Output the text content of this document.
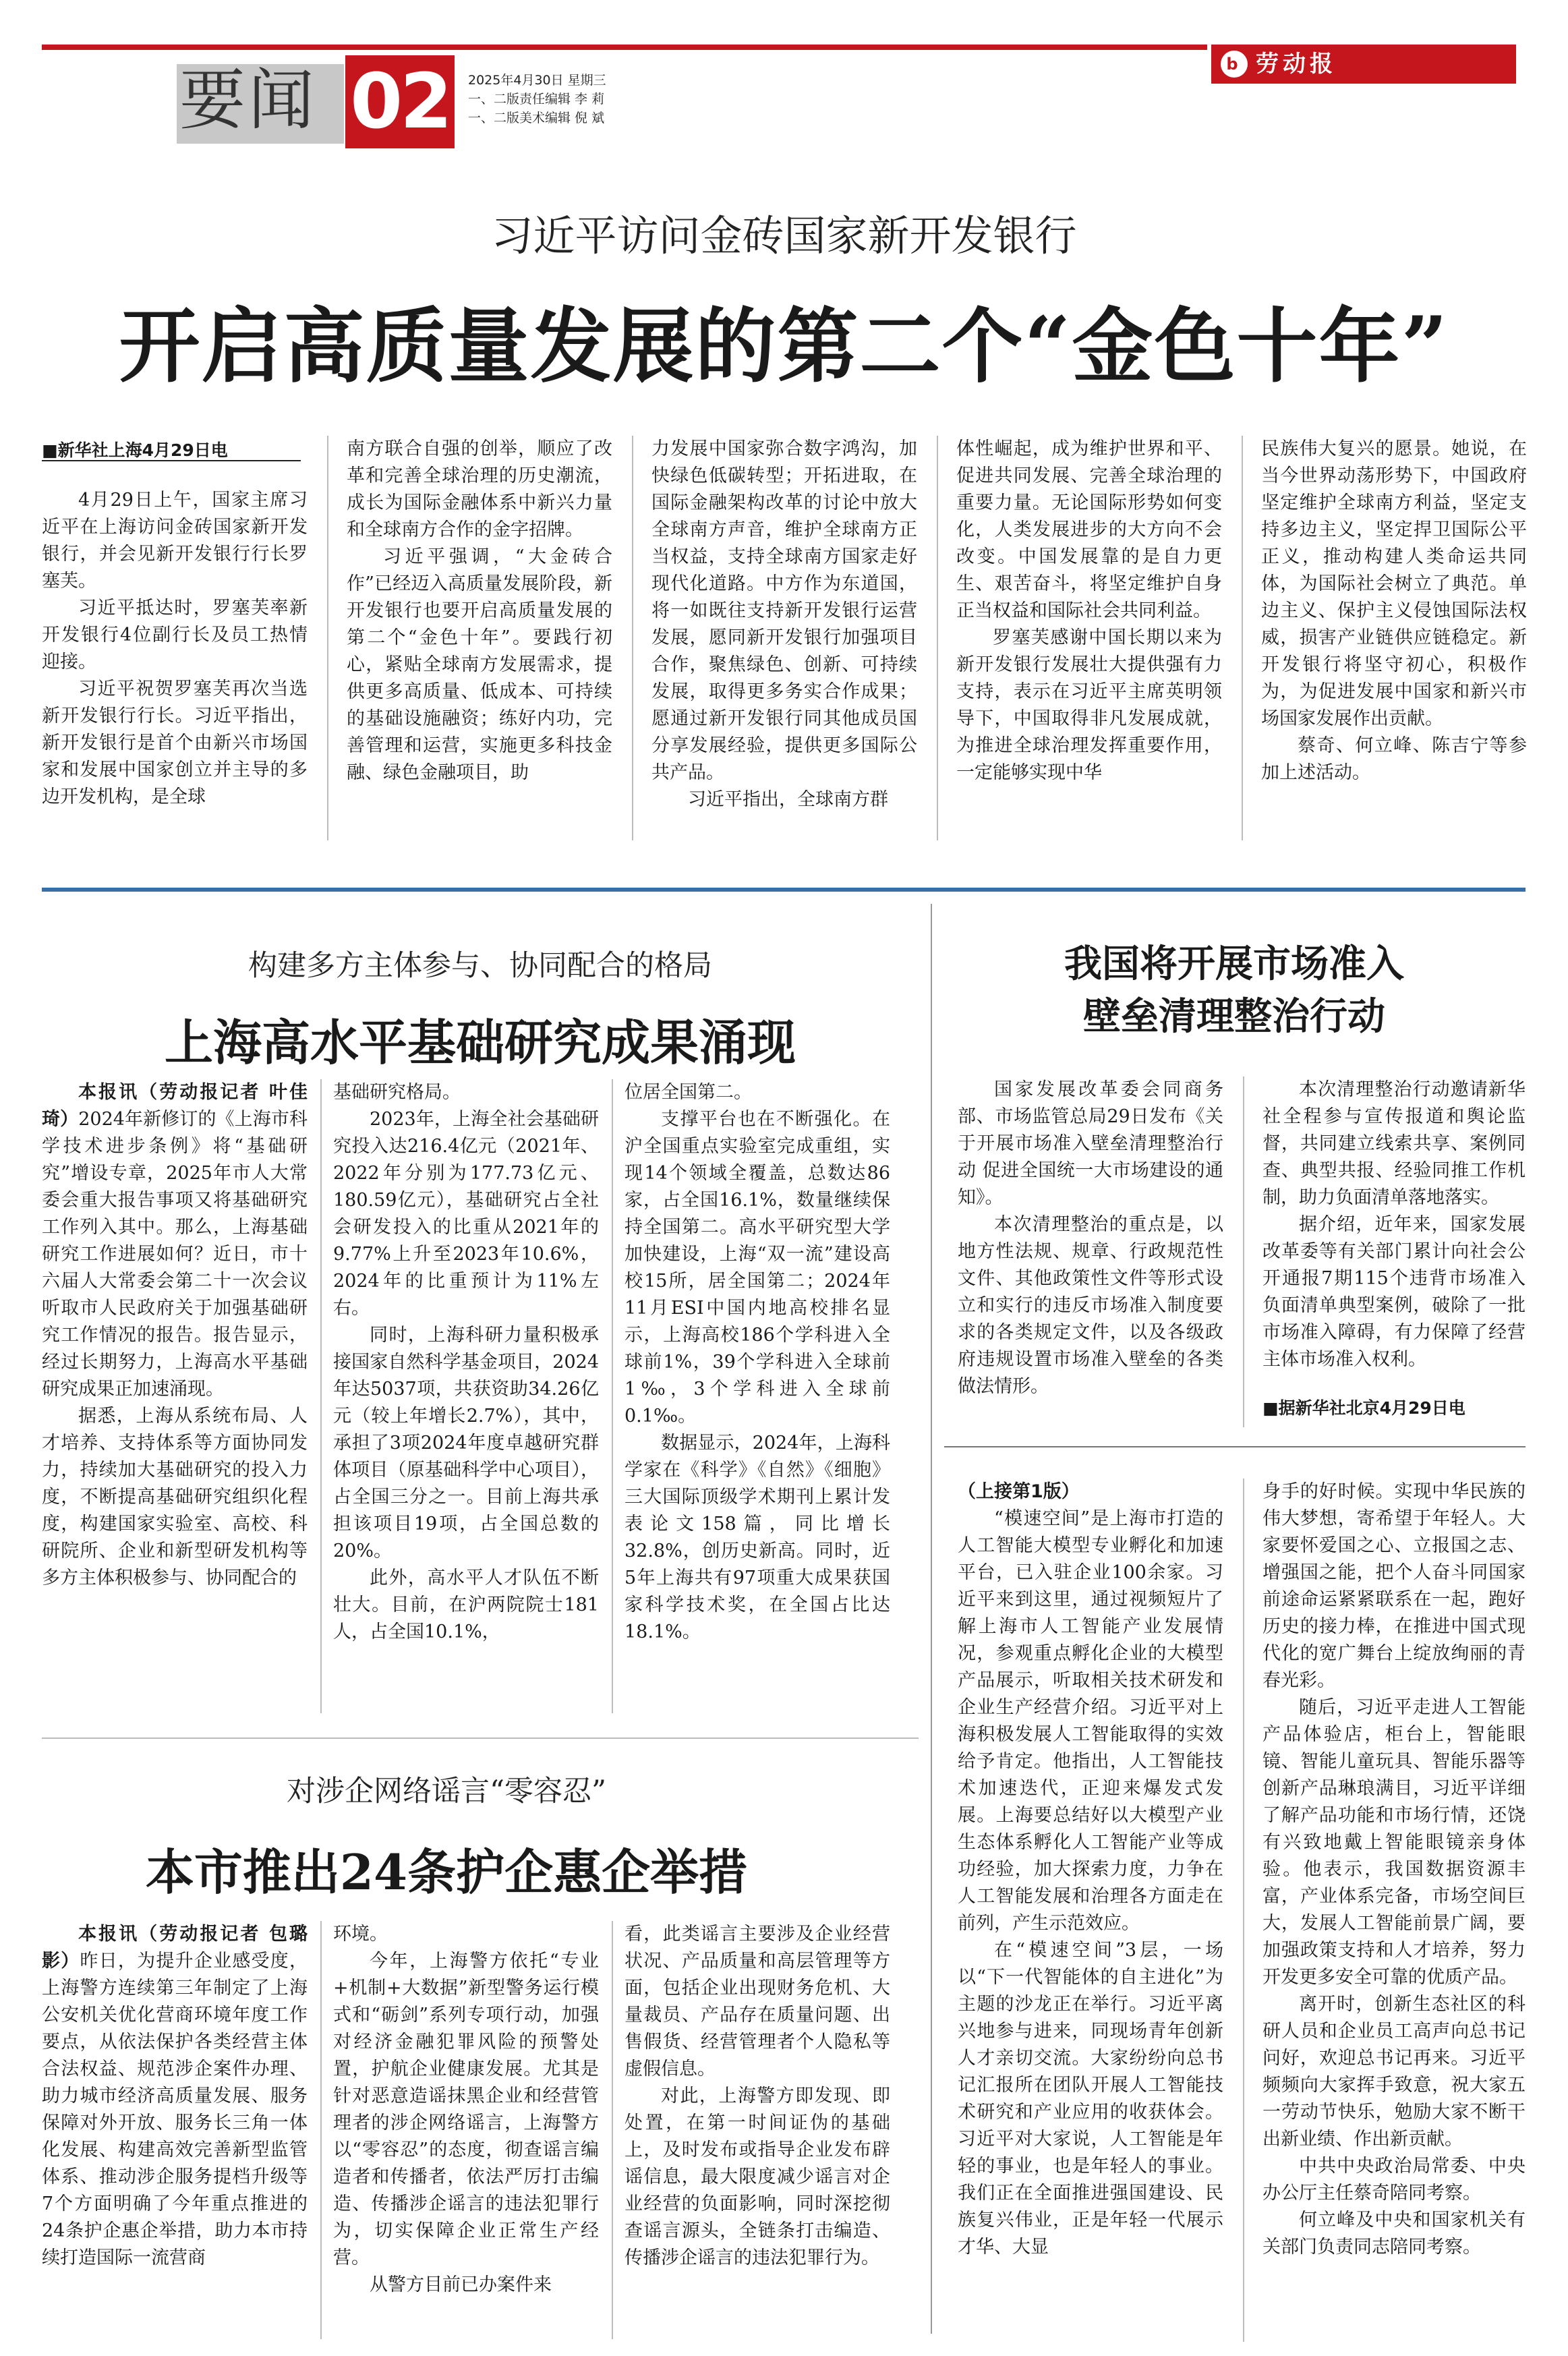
要闻 02	2025年4月30日 星期三
一、二版责任编辑 李 莉
一、二版美术编辑 倪 斌
b 劳动报
习近平访问金砖国家新开发银行
开启高质量发展的第二个“金色十年”
■新华社上海4月29日电

4月29日上午，国家主席习近平在上海访问金砖国家新开发银行，并会见新开发银行行长罗塞芙。

习近平抵达时，罗塞芙率新开发银行4位副行长及员工热情迎接。

习近平祝贺罗塞芙再次当选新开发银行行长。习近平指出，新开发银行是首个由新兴市场国家和发展中国家创立并主导的多边开发机构，是全球

南方联合自强的创举，顺应了改革和完善全球治理的历史潮流，成长为国际金融体系中新兴力量和全球南方合作的金字招牌。

习近平强调，“大金砖合作”已经迈入高质量发展阶段，新开发银行也要开启高质量发展的第二个“金色十年”。要践行初心，紧贴全球南方发展需求，提供更多高质量、低成本、可持续的基础设施融资；练好内功，完善管理和运营，实施更多科技金融、绿色金融项目，助

力发展中国家弥合数字鸿沟，加快绿色低碳转型；开拓进取，在国际金融架构改革的讨论中放大全球南方声音，维护全球南方正当权益，支持全球南方国家走好现代化道路。中方作为东道国，将一如既往支持新开发银行运营发展，愿同新开发银行加强项目合作，聚焦绿色、创新、可持续发展，取得更多务实合作成果；愿通过新开发银行同其他成员国分享发展经验，提供更多国际公共产品。

习近平指出，全球南方群

体性崛起，成为维护世界和平、促进共同发展、完善全球治理的重要力量。无论国际形势如何变化，人类发展进步的大方向不会改变。中国发展靠的是自力更生、艰苦奋斗，将坚定维护自身正当权益和国际社会共同利益。

罗塞芙感谢中国长期以来为新开发银行发展壮大提供强有力支持，表示在习近平主席英明领导下，中国取得非凡发展成就，为推进全球治理发挥重要作用，一定能够实现中华

民族伟大复兴的愿景。她说，在当今世界动荡形势下，中国政府坚定维护全球南方利益，坚定支持多边主义，坚定捍卫国际公平正义，推动构建人类命运共同体，为国际社会树立了典范。单边主义、保护主义侵蚀国际法权威，损害产业链供应链稳定。新开发银行将坚守初心，积极作为，为促进发展中国家和新兴市场国家发展作出贡献。

蔡奇、何立峰、陈吉宁等参加上述活动。

构建多方主体参与、协同配合的格局
上海高水平基础研究成果涌现

本报讯（劳动报记者 叶佳琦）2024年新修订的《上海市科学技术进步条例》将“基础研究”增设专章，2025年市人大常委会重大报告事项又将基础研究工作列入其中。那么，上海基础研究工作进展如何？近日，市十六届人大常委会第二十一次会议听取市人民政府关于加强基础研究工作情况的报告。报告显示，经过长期努力，上海高水平基础研究成果正加速涌现。

据悉，上海从系统布局、人才培养、支持体系等方面协同发力，持续加大基础研究的投入力度，不断提高基础研究组织化程度，构建国家实验室、高校、科研院所、企业和新型研发机构等多方主体积极参与、协同配合的

基础研究格局。

2023年，上海全社会基础研究投入达216.4亿元（2021年、2022年分别为177.73亿元、180.59亿元），基础研究占全社会研发投入的比重从2021年的9.77%上升至2023年10.6%，2024年的比重预计为11%左右。

同时，上海科研力量积极承接国家自然科学基金项目，2024年达5037项，共获资助34.26亿元（较上年增长2.7%），其中，承担了3项2024年度卓越研究群体项目（原基础科学中心项目），占全国三分之一。目前上海共承担该项目19项，占全国总数的20%。

此外，高水平人才队伍不断壮大。目前，在沪两院院士181人，占全国10.1%，

位居全国第二。

支撑平台也在不断强化。在沪全国重点实验室完成重组，实现14个领域全覆盖，总数达86家，占全国16.1%，数量继续保持全国第二。高水平研究型大学加快建设，上海“双一流”建设高校15所，居全国第二；2024年11月ESI中国内地高校排名显示，上海高校186个学科进入全球前1%，39个学科进入全球前1‰，3个学科进入全球前0.1‰。

数据显示，2024年，上海科学家在《科学》《自然》《细胞》三大国际顶级学术期刊上累计发表论文158篇，同比增长32.8%，创历史新高。同时，近5年上海共有97项重大成果获国家科学技术奖，在全国占比达18.1%。

我国将开展市场准入
壁垒清理整治行动

国家发展改革委会同商务部、市场监管总局29日发布《关于开展市场准入壁垒清理整治行动 促进全国统一大市场建设的通知》。

本次清理整治的重点是，以地方性法规、规章、行政规范性文件、其他政策性文件等形式设立和实行的违反市场准入制度要求的各类规定文件，以及各级政府违规设置市场准入壁垒的各类做法情形。

本次清理整治行动邀请新华社全程参与宣传报道和舆论监督，共同建立线索共享、案例同查、典型共报、经验同推工作机制，助力负面清单落地落实。

据介绍，近年来，国家发展改革委等有关部门累计向社会公开通报7期115个违背市场准入负面清单典型案例，破除了一批市场准入障碍，有力保障了经营主体市场准入权利。

■据新华社北京4月29日电
对涉企网络谣言“零容忍”
本市推出24条护企惠企举措

本报讯（劳动报记者 包璐影）昨日，为提升企业感受度，上海警方连续第三年制定了上海公安机关优化营商环境年度工作要点，从依法保护各类经营主体合法权益、规范涉企案件办理、助力城市经济高质量发展、服务保障对外开放、服务长三角一体化发展、构建高效完善新型监管体系、推动涉企服务提档升级等7个方面明确了今年重点推进的24条护企惠企举措，助力本市持续打造国际一流营商

环境。

今年，上海警方依托“专业+机制+大数据”新型警务运行模式和“砺剑”系列专项行动，加强对经济金融犯罪风险的预警处置，护航企业健康发展。尤其是针对恶意造谣抹黑企业和经营管理者的涉企网络谣言，上海警方以“零容忍”的态度，彻查谣言编造者和传播者，依法严厉打击编造、传播涉企谣言的违法犯罪行为，切实保障企业正常生产经营。

从警方目前已办案件来

看，此类谣言主要涉及企业经营状况、产品质量和高层管理等方面，包括企业出现财务危机、大量裁员、产品存在质量问题、出售假货、经营管理者个人隐私等虚假信息。

对此，上海警方即发现、即处置，在第一时间证伪的基础上，及时发布或指导企业发布辟谣信息，最大限度减少谣言对企业经营的负面影响，同时深挖彻查谣言源头，全链条打击编造、传播涉企谣言的违法犯罪行为。

（上接第1版）

“模速空间”是上海市打造的人工智能大模型专业孵化和加速平台，已入驻企业100余家。习近平来到这里，通过视频短片了解上海市人工智能产业发展情况，参观重点孵化企业的大模型产品展示，听取相关技术研发和企业生产经营介绍。习近平对上海积极发展人工智能取得的实效给予肯定。他指出，人工智能技术加速迭代，正迎来爆发式发展。上海要总结好以大模型产业生态体系孵化人工智能产业等成功经验，加大探索力度，力争在人工智能发展和治理各方面走在前列，产生示范效应。

在“模速空间”3层，一场以“下一代智能体的自主进化”为主题的沙龙正在举行。习近平离兴地参与进来，同现场青年创新人才亲切交流。大家纷纷向总书记汇报所在团队开展人工智能技术研究和产业应用的收获体会。习近平对大家说，人工智能是年轻的事业，也是年轻人的事业。我们正在全面推进强国建设、民族复兴伟业，正是年轻一代展示才华、大显

身手的好时候。实现中华民族的伟大梦想，寄希望于年轻人。大家要怀爱国之心、立报国之志、增强国之能，把个人奋斗同国家前途命运紧紧联系在一起，跑好历史的接力棒，在推进中国式现代化的宽广舞台上绽放绚丽的青春光彩。

随后，习近平走进人工智能产品体验店，柜台上，智能眼镜、智能儿童玩具、智能乐器等创新产品琳琅满目，习近平详细了解产品功能和市场行情，还饶有兴致地戴上智能眼镜亲身体验。他表示，我国数据资源丰富，产业体系完备，市场空间巨大，发展人工智能前景广阔，要加强政策支持和人才培养，努力开发更多安全可靠的优质产品。

离开时，创新生态社区的科研人员和企业员工高声向总书记问好，欢迎总书记再来。习近平频频向大家挥手致意，祝大家五一劳动节快乐，勉励大家不断干出新业绩、作出新贡献。

中共中央政治局常委、中央办公厅主任蔡奇陪同考察。

何立峰及中央和国家机关有关部门负责同志陪同考察。
